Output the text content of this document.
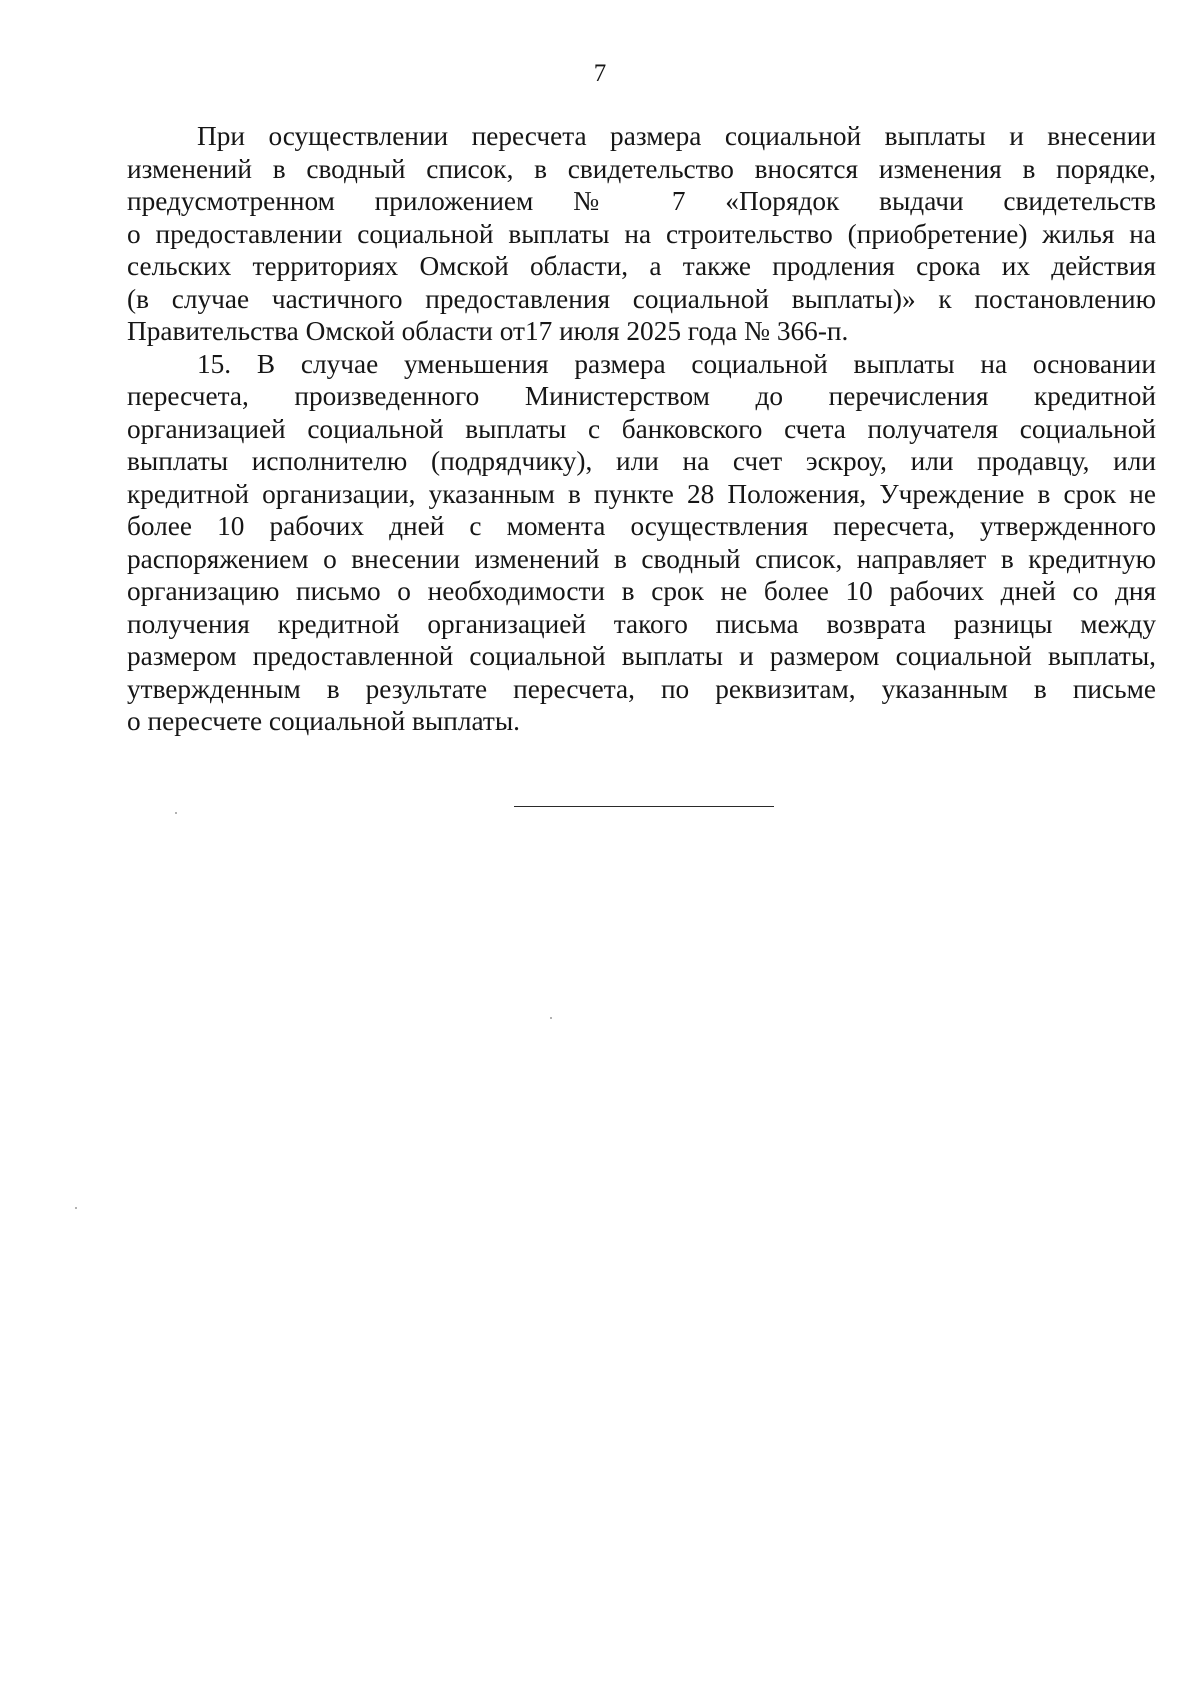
7
При осуществлении пересчета размера социальной выплаты и внесении
изменений в сводный список, в свидетельство вносятся изменения в порядке,
предусмотренном приложением № 7 «Порядок выдачи свидетельств
о предоставлении социальной выплаты на строительство (приобретение) жилья на
сельских территориях Омской области, а также продления срока их действия
(в случае частичного предоставления социальной выплаты)» к постановлению
Правительства Омской области от17 июля 2025 года № 366-п.
15. В случае уменьшения размера социальной выплаты на основании
пересчета, произведенного Министерством до перечисления кредитной
организацией социальной выплаты с банковского счета получателя социальной
выплаты исполнителю (подрядчику), или на счет эскроу, или продавцу, или
кредитной организации, указанным в пункте 28 Положения, Учреждение в срок не
более 10 рабочих дней с момента осуществления пересчета, утвержденного
распоряжением о внесении изменений в сводный список, направляет в кредитную
организацию письмо о необходимости в срок не более 10 рабочих дней со дня
получения кредитной организацией такого письма возврата разницы между
размером предоставленной социальной выплаты и размером социальной выплаты,
утвержденным в результате пересчета, по реквизитам, указанным в письме
о пересчете социальной выплаты.
